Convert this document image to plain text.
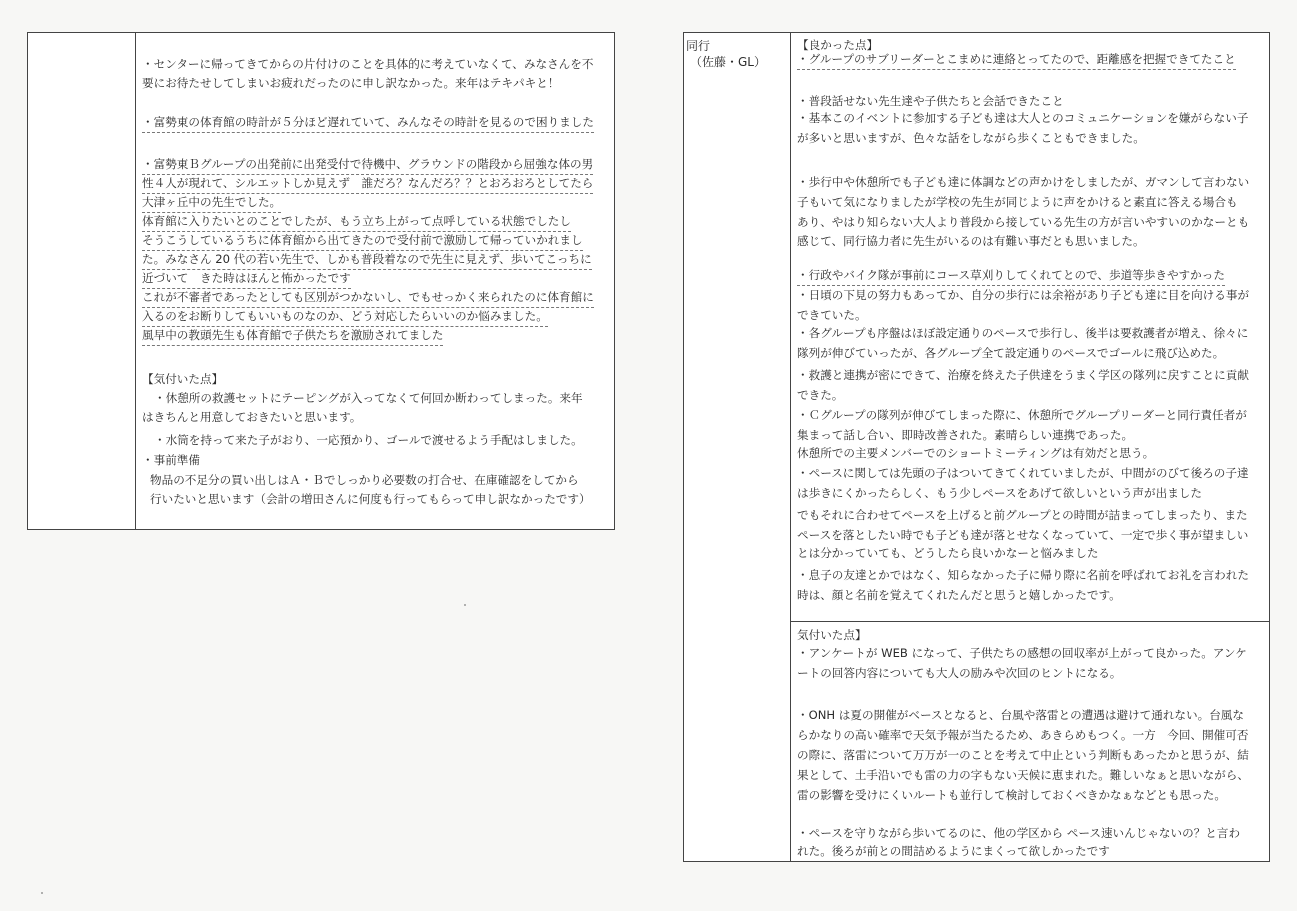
・センターに帰ってきてからの片付けのことを具体的に考えていなくて、みなさんを不
要にお待たせしてしまいお疲れだったのに申し訳なかった。来年はテキパキと！
・富勢東の体育館の時計が５分ほど遅れていて、みんなその時計を見るので困りました
・富勢東Ｂグループの出発前に出発受付で待機中、グラウンドの階段から屈強な体の男
性４人が現れて、シルエットしか見えず　誰だろ？なんだろ？？とおろおろとしてたら
大津ヶ丘中の先生でした。
体育館に入りたいとのことでしたが、もう立ち上がって点呼している状態でしたし
そうこうしているうちに体育館から出てきたので受付前で激励して帰っていかれまし
た。みなさん 20 代の若い先生で、しかも普段着なので先生に見えず、歩いてこっちに
近づいて　きた時はほんと怖かったです
これが不審者であったとしても区別がつかないし、でもせっかく来られたのに体育館に
入るのをお断りしてもいいものなのか、どう対応したらいいのか悩みました。
風早中の教頭先生も体育館で子供たちを激励されてました
【気付いた点】
・休憩所の救護セットにテーピングが入ってなくて何回か断わってしまった。来年
はきちんと用意しておきたいと思います。
・水筒を持って来た子がおり、一応預かり、ゴールで渡せるよう手配はしました。
・事前準備
物品の不足分の買い出しはＡ・Ｂでしっかり必要数の打合せ、在庫確認をしてから
行いたいと思います（会計の増田さんに何度も行ってもらって申し訳なかったです）
同行
（佐藤・GL）
【良かった点】
・グループのサブリーダーとこまめに連絡とってたので、距離感を把握できてたこと
・普段話せない先生達や子供たちと会話できたこと
・基本このイベントに参加する子ども達は大人とのコミュニケーションを嫌がらない子
が多いと思いますが、色々な話をしながら歩くこともできました。
・歩行中や休憩所でも子ども達に体調などの声かけをしましたが、ガマンして言わない
子もいて気になりましたが学校の先生が同じように声をかけると素直に答える場合も
あり、やはり知らない大人より普段から接している先生の方が言いやすいのかなーとも
感じて、同行協力者に先生がいるのは有難い事だとも思いました。
・行政やバイク隊が事前にコース草刈りしてくれてとので、歩道等歩きやすかった
・日頃の下見の努力もあってか、自分の歩行には余裕があり子ども達に目を向ける事が
できていた。
・各グループも序盤はほぼ設定通りのペースで歩行し、後半は要救護者が増え、徐々に
隊列が伸びていったが、各グループ全て設定通りのペースでゴールに飛び込めた。
・救護と連携が密にできて、治療を終えた子供達をうまく学区の隊列に戻すことに貢献
できた。
・Ｃグループの隊列が伸びてしまった際に、休憩所でグループリーダーと同行責任者が
集まって話し合い、即時改善された。素晴らしい連携であった。
休憩所での主要メンバーでのショートミーティングは有効だと思う。
・ペースに関しては先頭の子はついてきてくれていましたが、中間がのびて後ろの子達
は歩きにくかったらしく、もう少しペースをあげて欲しいという声が出ました
でもそれに合わせてペースを上げると前グループとの時間が詰まってしまったり、また
ペースを落としたい時でも子ども達が落とせなくなっていて、一定で歩く事が望ましい
とは分かっていても、どうしたら良いかなーと悩みました
・息子の友達とかではなく、知らなかった子に帰り際に名前を呼ばれてお礼を言われた
時は、顔と名前を覚えてくれたんだと思うと嬉しかったです。
気付いた点】
・アンケートが WEB になって、子供たちの感想の回収率が上がって良かった。アンケ
ートの回答内容についても大人の励みや次回のヒントになる。
・ONH は夏の開催がベースとなると、台風や落雷との遭遇は避けて通れない。台風な
らかなりの高い確率で天気予報が当たるため、あきらめもつく。一方　今回、開催可否
の際に、落雷について万万が一のことを考えて中止という判断もあったかと思うが、結
果として、土手沿いでも雷の力の字もない天候に恵まれた。難しいなぁと思いながら、
雷の影響を受けにくいルートも並行して検討しておくべきかなぁなどとも思った。
・ペースを守りながら歩いてるのに、他の学区から ペース速いんじゃないの？と言わ
れた。後ろが前との間詰めるようにまくって欲しかったです
